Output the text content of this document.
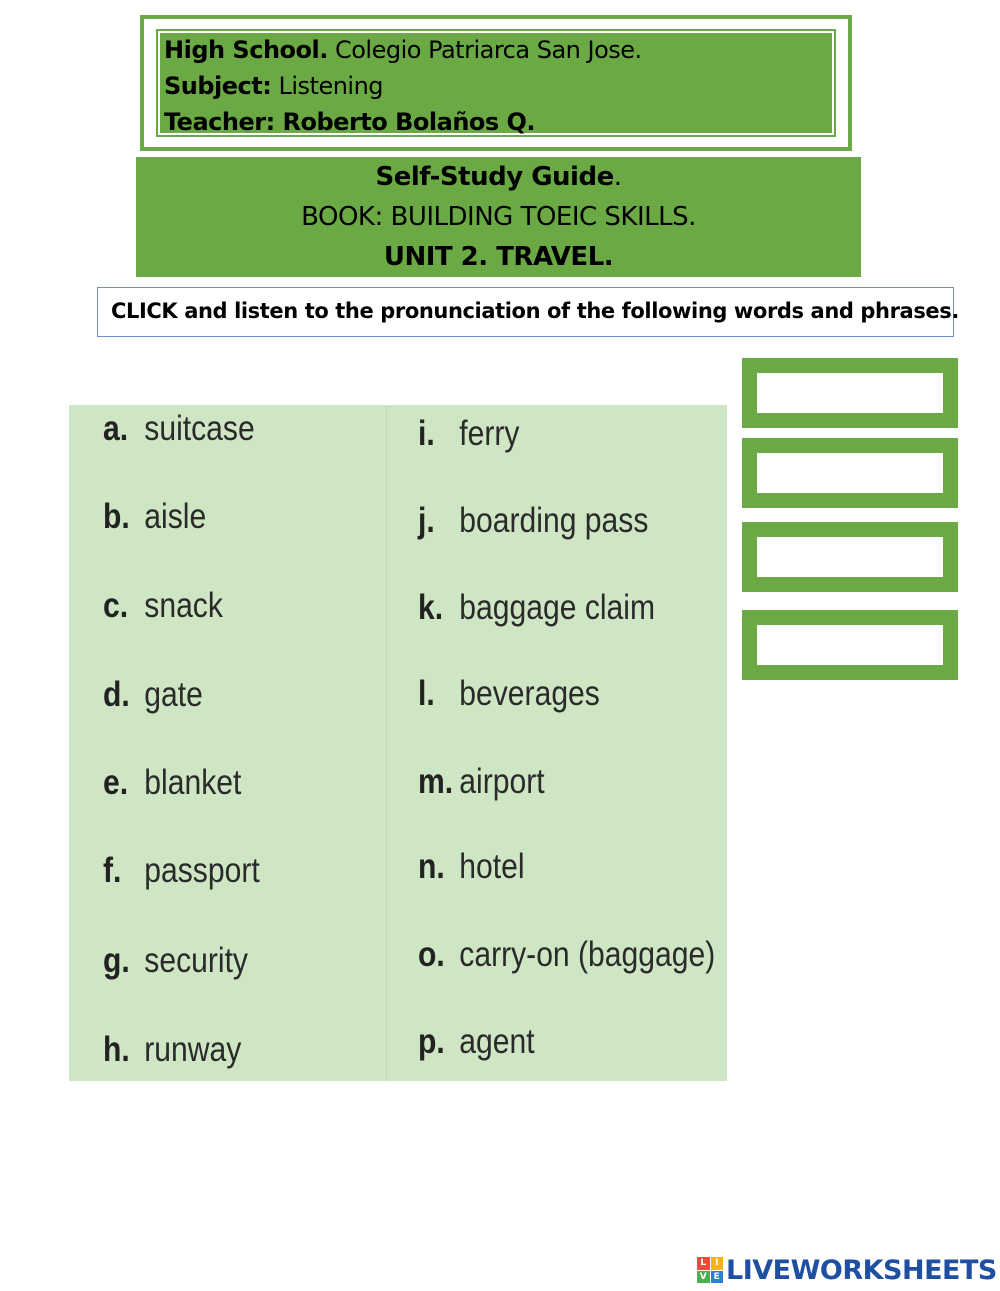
High School. Colegio Patriarca San Jose.
Subject: Listening
Teacher: Roberto Bolaños Q.
Self-Study Guide.
BOOK: BUILDING TOEIC SKILLS.
UNIT 2. TRAVEL.
CLICK and listen to the pronunciation of the following words and phrases.
a. suitcase
b. aisle
c. snack
d. gate
e. blanket
f. passport
g. security
h. runway
i. ferry
j. boarding pass
k. baggage claim
l. beverages
m. airport
n. hotel
o. carry-on (baggage)
p. agent
L I
V E LIVEWORKSHEETS
